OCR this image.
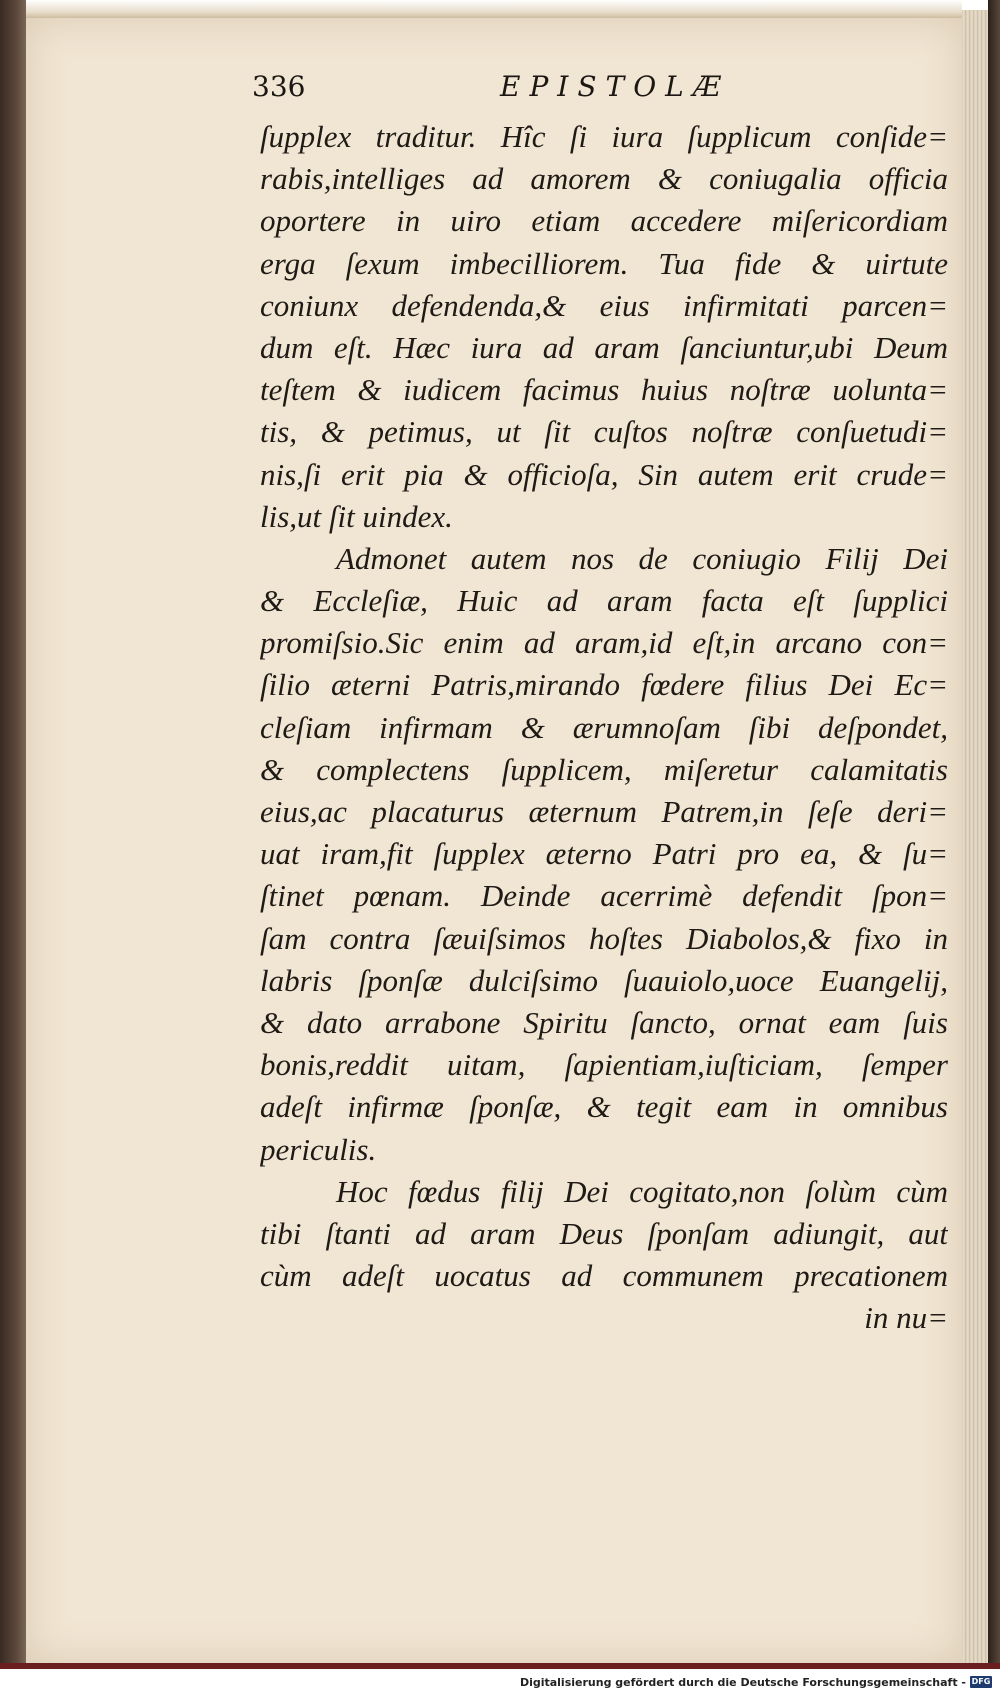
336	EPISTOLÆ
ſupplex traditur. Hîc ſi iura ſupplicum conſide=
rabis,intelliges ad amorem & coniugalia officia
oportere in uiro etiam accedere miſericordiam
erga ſexum imbecilliorem. Tua fide & uirtute
coniunx defendenda,& eius infirmitati parcen=
dum eſt. Hæc iura ad aram ſanciuntur,ubi Deum
teſtem & iudicem facimus huius noſtræ uolunta=
tis, & petimus, ut ſit cuſtos noſtræ conſuetudi=
nis,ſi erit pia & officioſa, Sin autem erit crude=
lis,ut ſit uindex.
Admonet autem nos de coniugio Filij Dei
& Eccleſiæ, Huic ad aram facta eſt ſupplici
promiſsio.Sic enim ad aram,id eſt,in arcano con=
ſilio æterni Patris,mirando fœdere filius Dei Ec=
cleſiam infirmam & ærumnoſam ſibi deſpondet,
& complectens ſupplicem, miſeretur calamitatis
eius,ac placaturus æternum Patrem,in ſeſe deri=
uat iram,fit ſupplex æterno Patri pro ea, & ſu=
ſtinet pœnam. Deinde acerrimè defendit ſpon=
ſam contra ſæuiſsimos hoſtes Diabolos,& fixo in
labris ſponſæ dulciſsimo ſuauiolo,uoce Euangelij,
& dato arrabone Spiritu ſancto, ornat eam ſuis
bonis,reddit uitam, ſapientiam,iuſticiam, ſemper
adeſt infirmæ ſponſæ, & tegit eam in omnibus
periculis.
Hoc fœdus filij Dei cogitato,non ſolùm cùm
tibi ſtanti ad aram Deus ſponſam adiungit, aut
cùm adeſt uocatus ad communem precationem
in nu=
Digitalisierung gefördert durch die Deutsche Forschungsgemeinschaft - DFG
